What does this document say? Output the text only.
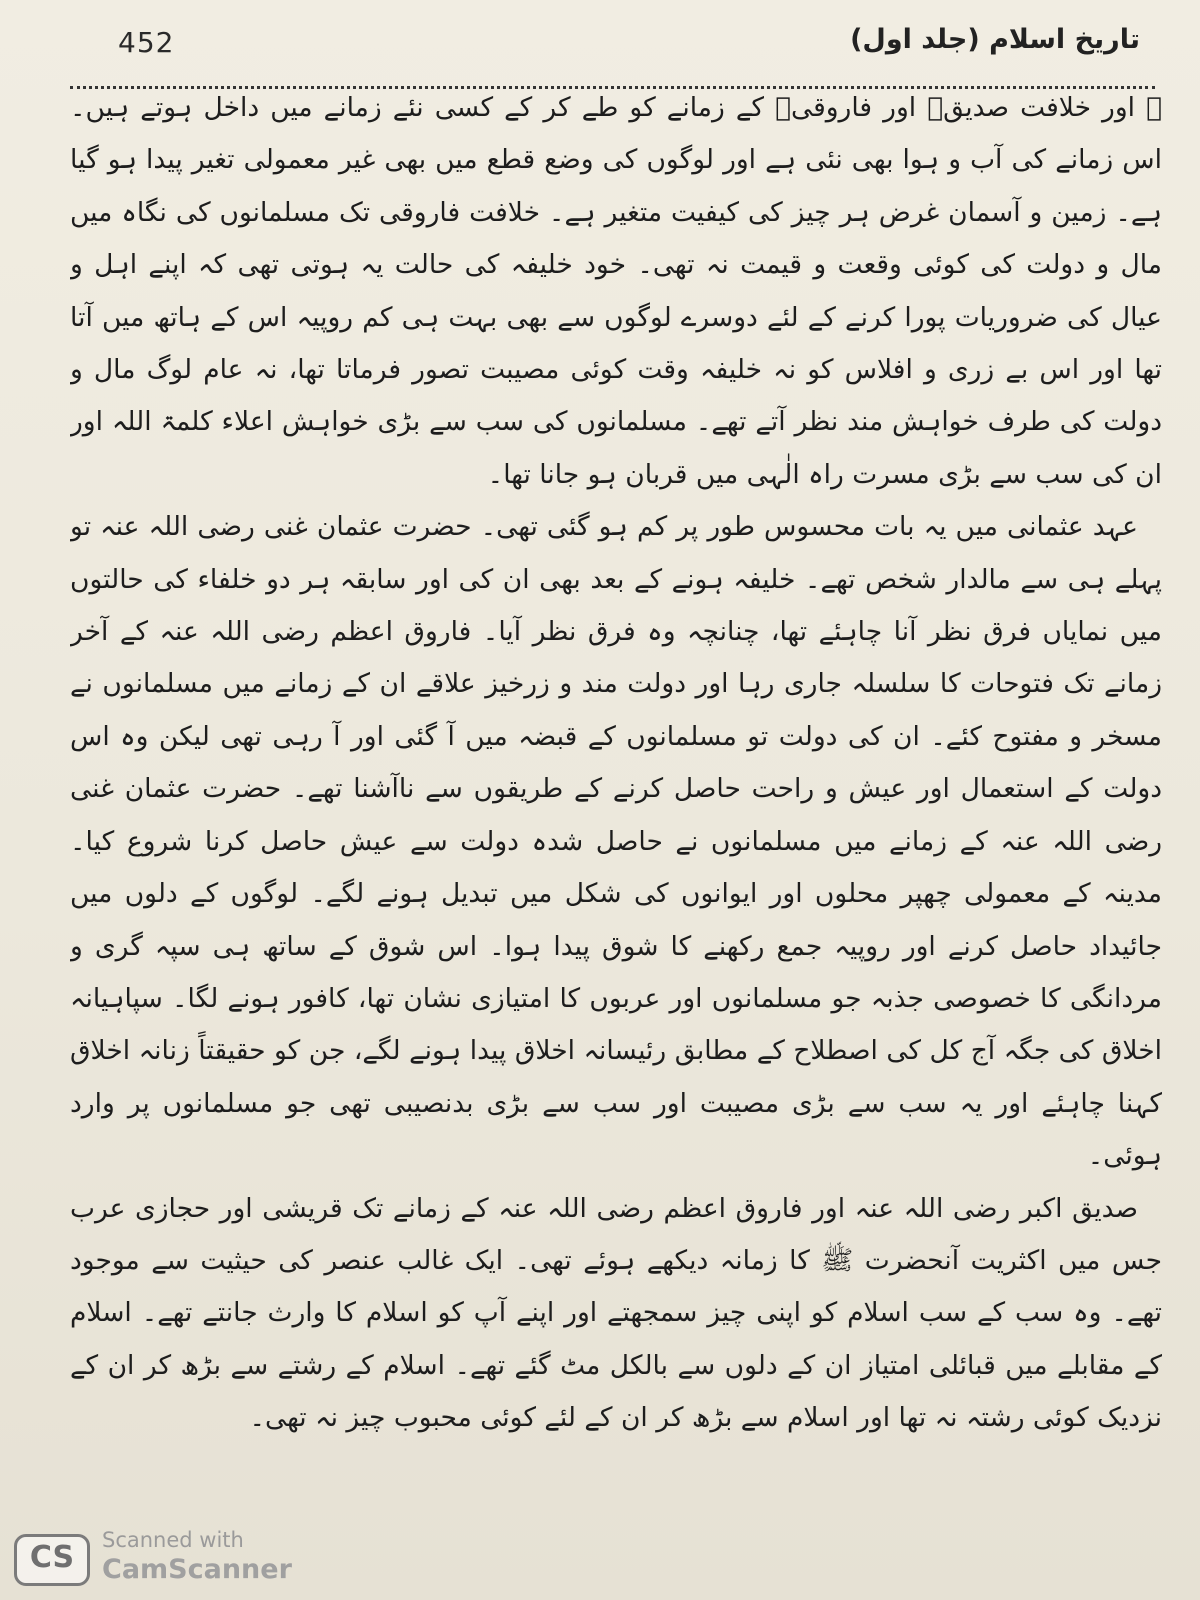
452	تاریخ اسلام (جلد اول)

ﷺ اور خلافت صدیقؓ اور فاروقیؓ کے زمانے کو طے کر کے کسی نئے زمانے میں داخل ہوتے ہیں۔ اس زمانے کی آب و ہوا بھی نئی ہے اور لوگوں کی وضع قطع میں بھی غیر معمولی تغیر پیدا ہو گیا ہے۔ زمین و آسمان غرض ہر چیز کی کیفیت متغیر ہے۔ خلافت فاروقی تک مسلمانوں کی نگاہ میں مال و دولت کی کوئی وقعت و قیمت نہ تھی۔ خود خلیفہ کی حالت یہ ہوتی تھی کہ اپنے اہل و عیال کی ضروریات پورا کرنے کے لئے دوسرے لوگوں سے بھی بہت ہی کم روپیہ اس کے ہاتھ میں آتا تھا اور اس بے زری و افلاس کو نہ خلیفہ وقت کوئی مصیبت تصور فرماتا تھا، نہ عام لوگ مال و دولت کی طرف خواہش مند نظر آتے تھے۔ مسلمانوں کی سب سے بڑی خواہش اعلاء کلمۃ اللہ اور ان کی سب سے بڑی مسرت راہ الٰہی میں قربان ہو جانا تھا۔

عہد عثمانی میں یہ بات محسوس طور پر کم ہو گئی تھی۔ حضرت عثمان غنی رضی اللہ عنہ تو پہلے ہی سے مالدار شخص تھے۔ خلیفہ ہونے کے بعد بھی ان کی اور سابقہ ہر دو خلفاء کی حالتوں میں نمایاں فرق نظر آنا چاہئے تھا، چنانچہ وہ فرق نظر آیا۔ فاروق اعظم رضی اللہ عنہ کے آخر زمانے تک فتوحات کا سلسلہ جاری رہا اور دولت مند و زرخیز علاقے ان کے زمانے میں مسلمانوں نے مسخر و مفتوح کئے۔ ان کی دولت تو مسلمانوں کے قبضہ میں آ گئی اور آ رہی تھی لیکن وہ اس دولت کے استعمال اور عیش و راحت حاصل کرنے کے طریقوں سے ناآشنا تھے۔ حضرت عثمان غنی رضی اللہ عنہ کے زمانے میں مسلمانوں نے حاصل شدہ دولت سے عیش حاصل کرنا شروع کیا۔ مدینہ کے معمولی چھپر محلوں اور ایوانوں کی شکل میں تبدیل ہونے لگے۔ لوگوں کے دلوں میں جائیداد حاصل کرنے اور روپیہ جمع رکھنے کا شوق پیدا ہوا۔ اس شوق کے ساتھ ہی سپہ گری و مردانگی کا خصوصی جذبہ جو مسلمانوں اور عربوں کا امتیازی نشان تھا، کافور ہونے لگا۔ سپاہیانہ اخلاق کی جگہ آج کل کی اصطلاح کے مطابق رئیسانہ اخلاق پیدا ہونے لگے، جن کو حقیقتاً زنانہ اخلاق کہنا چاہئے اور یہ سب سے بڑی مصیبت اور سب سے بڑی بدنصیبی تھی جو مسلمانوں پر وارد ہوئی۔

صدیق اکبر رضی اللہ عنہ اور فاروق اعظم رضی اللہ عنہ کے زمانے تک قریشی اور حجازی عرب جس میں اکثریت آنحضرت ﷺ کا زمانہ دیکھے ہوئے تھی۔ ایک غالب عنصر کی حیثیت سے موجود تھے۔ وہ سب کے سب اسلام کو اپنی چیز سمجھتے اور اپنے آپ کو اسلام کا وارث جانتے تھے۔ اسلام کے مقابلے میں قبائلی امتیاز ان کے دلوں سے بالکل مٹ گئے تھے۔ اسلام کے رشتے سے بڑھ کر ان کے نزدیک کوئی رشتہ نہ تھا اور اسلام سے بڑھ کر ان کے لئے کوئی محبوب چیز نہ تھی۔

CS	Scanned with
CamScanner
